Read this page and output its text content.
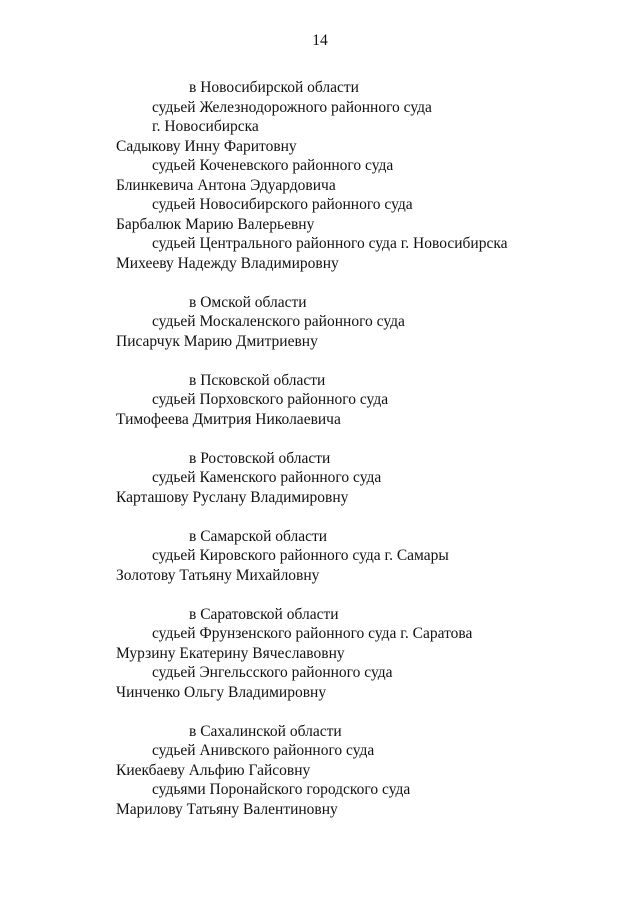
14
в Новосибирской области
судьей Железнодорожного районного суда
г. Новосибирска
Садыкову Инну Фаритовну
судьей Коченевского районного суда
Блинкевича Антона Эдуардовича
судьей Новосибирского районного суда
Барбалюк Марию Валерьевну
судьей Центрального районного суда г. Новосибирска
Михееву Надежду Владимировну
в Омской области
судьей Москаленского районного суда
Писарчук Марию Дмитриевну
в Псковской области
судьей Порховского районного суда
Тимофеева Дмитрия Николаевича
в Ростовской области
судьей Каменского районного суда
Карташову Руслану Владимировну
в Самарской области
судьей Кировского районного суда г. Самары
Золотову Татьяну Михайловну
в Саратовской области
судьей Фрунзенского районного суда г. Саратова
Мурзину Екатерину Вячеславовну
судьей Энгельсского районного суда
Чинченко Ольгу Владимировну
в Сахалинской области
судьей Анивского районного суда
Киекбаеву Альфию Гайсовну
судьями Поронайского городского суда
Марилову Татьяну Валентиновну
